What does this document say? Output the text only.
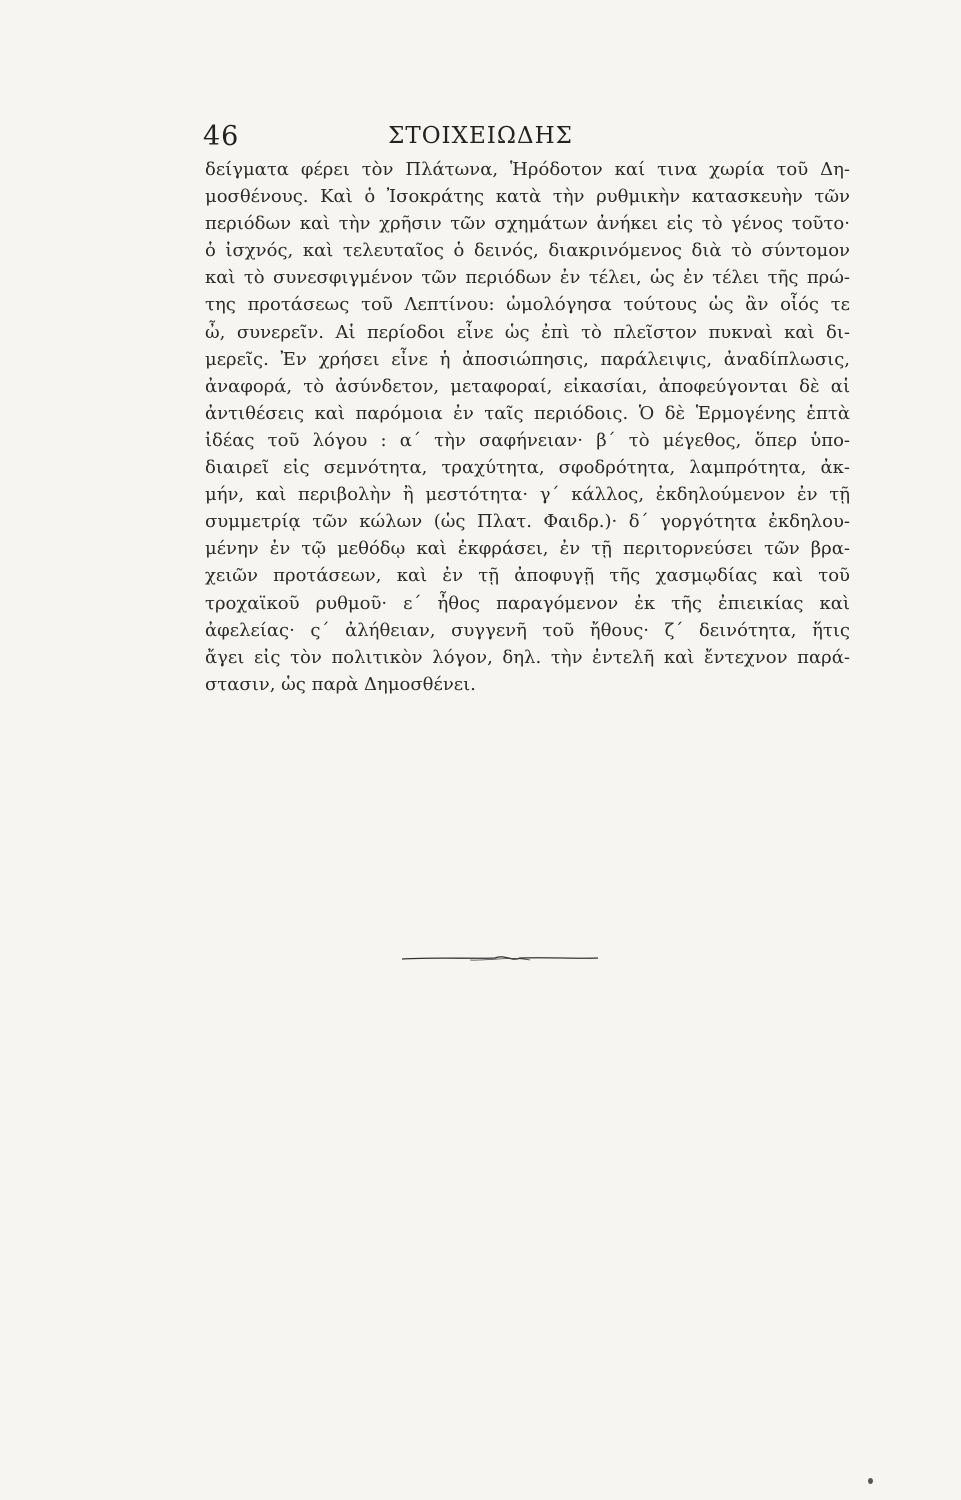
46	ΣΤΟΙΧΕΙΩΔΗΣ
δείγματα φέρει τὸν Πλάτωνα, Ἡρόδοτον καί τινα χωρία τοῦ Δη-
μοσθένους. Καὶ ὁ Ἰσοκράτης κατὰ τὴν ρυθμικὴν κατασκευὴν τῶν
περιόδων καὶ τὴν χρῆσιν τῶν σχημάτων ἀνήκει εἰς τὸ γένος τοῦτο·
ὁ ἰσχνός, καὶ τελευταῖος ὁ δεινός, διακρινόμενος διὰ τὸ σύντομον
καὶ τὸ συνεσφιγμένον τῶν περιόδων ἐν τέλει, ὡς ἐν τέλει τῆς πρώ-
της προτάσεως τοῦ Λεπτίνου: ὡμολόγησα τούτους ὡς ἂν οἷός τε
ὦ, συνερεῖν. Αἱ περίοδοι εἶνε ὡς ἐπὶ τὸ πλεῖστον πυκναὶ καὶ δι-
μερεῖς. Ἐν χρήσει εἶνε ἡ ἀποσιώπησις, παράλειψις, ἀναδίπλωσις,
ἀναφορά, τὸ ἀσύνδετον, μεταφοραί, εἰκασίαι, ἀποφεύγονται δὲ αἱ
ἀντιθέσεις καὶ παρόμοια ἐν ταῖς περιόδοις. Ὁ δὲ Ἑρμογένης ἑπτὰ
ἰδέας τοῦ λόγου : α΄ τὴν σαφήνειαν· β΄ τὸ μέγεθος, ὅπερ ὑπο-
διαιρεῖ εἰς σεμνότητα, τραχύτητα, σφοδρότητα, λαμπρότητα, ἀκ-
μήν, καὶ περιβολὴν ἢ μεστότητα· γ΄ κάλλος, ἐκδηλούμενον ἐν τῇ
συμμετρίᾳ τῶν κώλων (ὡς Πλατ. Φαιδρ.)· δ΄ γοργότητα ἐκδηλου-
μένην ἐν τῷ μεθόδῳ καὶ ἐκφράσει, ἐν τῇ περιτορνεύσει τῶν βρα-
χειῶν προτάσεων, καὶ ἐν τῇ ἀποφυγῇ τῆς χασμῳδίας καὶ τοῦ
τροχαϊκοῦ ρυθμοῦ· ε΄ ἦθος παραγόμενον ἐκ τῆς ἐπιεικίας καὶ
ἀφελείας· ς΄ ἀλήθειαν, συγγενῆ τοῦ ἤθους· ζ΄ δεινότητα, ἥτις
ἄγει εἰς τὸν πολιτικὸν λόγον, δηλ. τὴν ἐντελῆ καὶ ἔντεχνον παρά-
στασιν, ὡς παρὰ Δημοσθένει.
